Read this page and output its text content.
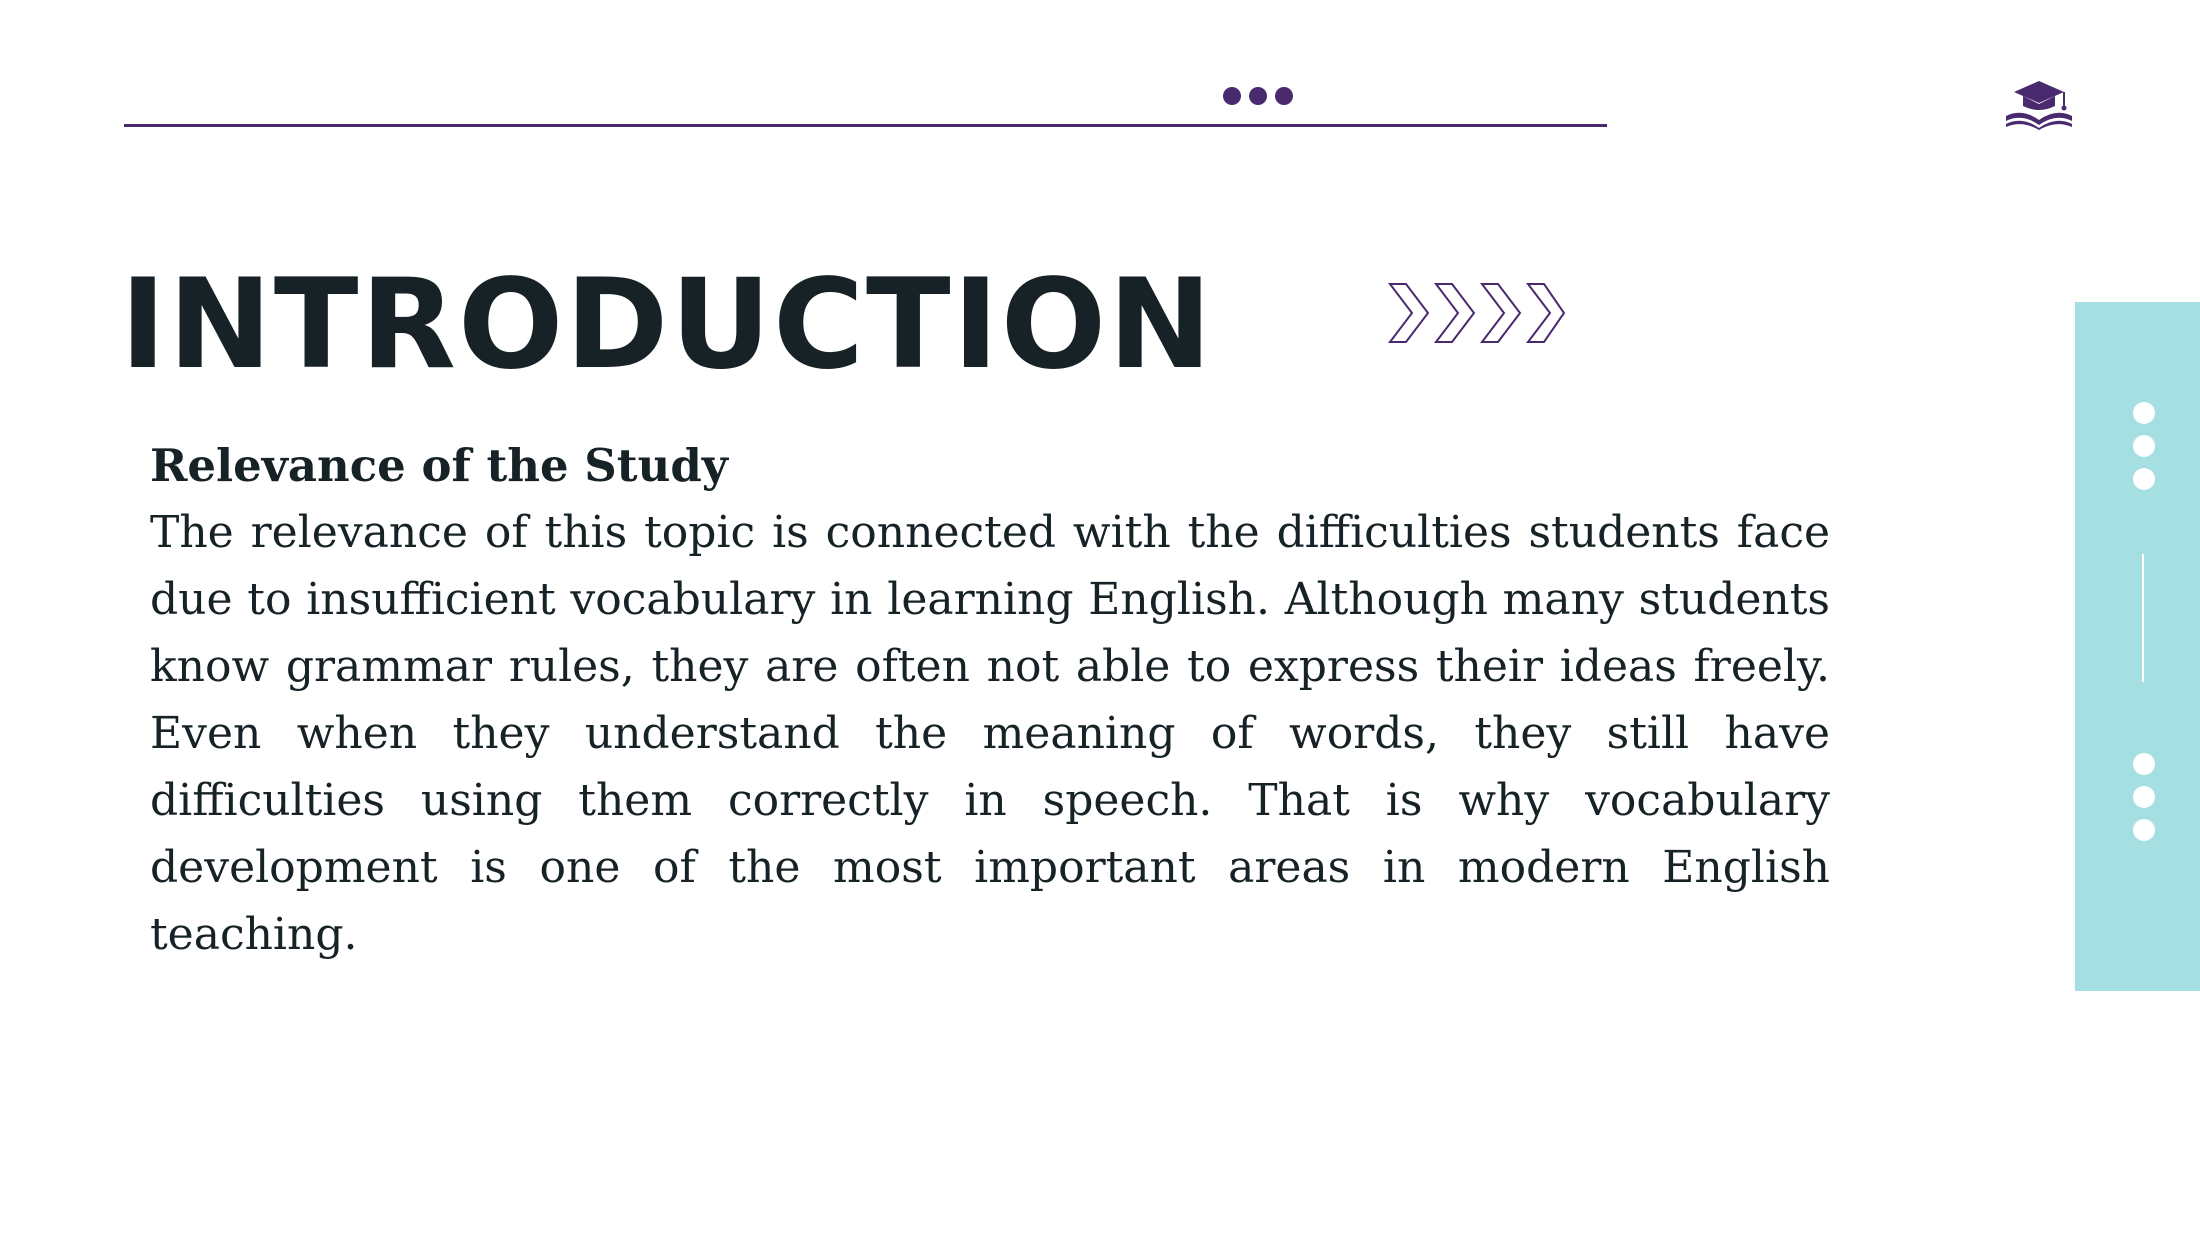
INTRODUCTION
Relevance of the Study

The relevance of this topic is connected with the difficulties students face due to insufficient vocabulary in learning English. Although many students know grammar rules, they are often not able to express their ideas freely. Even when they understand the meaning of words, they still have difficulties using them correctly in speech. That is why vocabulary development is one of the most important areas in modern English teaching.
